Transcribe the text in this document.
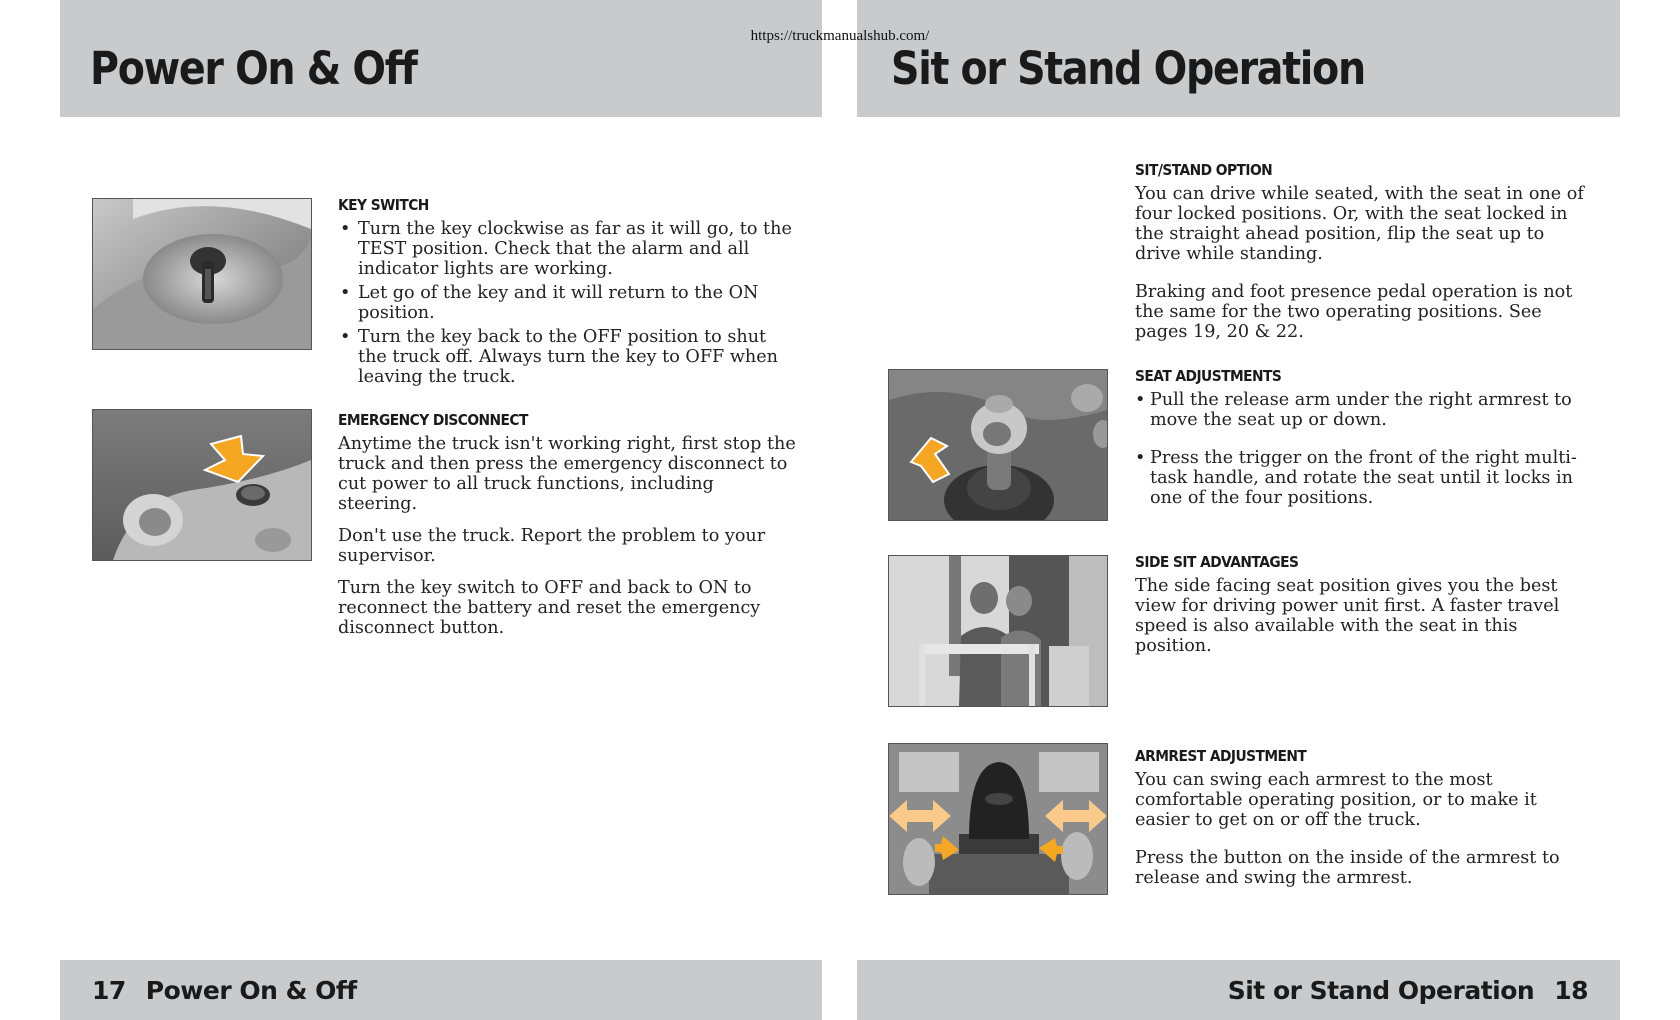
https://truckmanualshub.com/
Power On & Off	Sit or Stand Operation
KEY SWITCH
• Turn the key clockwise as far as it will go, to the TEST position. Check that the alarm and all indicator lights are working.
• Let go of the key and it will return to the ON position.
• Turn the key back to the OFF position to shut the truck off. Always turn the key to OFF when leaving the truck.
EMERGENCY DISCONNECT

Anytime the truck isn't working right, first stop the truck and then press the emergency disconnect to cut power to all truck functions, including steering.

Don't use the truck. Report the problem to your supervisor.

Turn the key switch to OFF and back to ON to reconnect the battery and reset the emergency disconnect button.

SIT/STAND OPTION

You can drive while seated, with the seat in one of four locked positions. Or, with the seat locked in the straight ahead position, flip the seat up to drive while standing.

Braking and foot presence pedal operation is not the same for the two operating positions. See pages 19, 20 & 22.

SEAT ADJUSTMENTS
• Pull the release arm under the right armrest to move the seat up or down.
• Press the trigger on the front of the right multi-task handle, and rotate the seat until it locks in one of the four positions.
SIDE SIT ADVANTAGES

The side facing seat position gives you the best view for driving power unit first. A faster travel speed is also available with the seat in this position.

ARMREST ADJUSTMENT

You can swing each armrest to the most comfortable operating position, or to make it easier to get on or off the truck.

Press the button on the inside of the armrest to release and swing the armrest.

17 Power On & Off	Sit or Stand Operation 18
